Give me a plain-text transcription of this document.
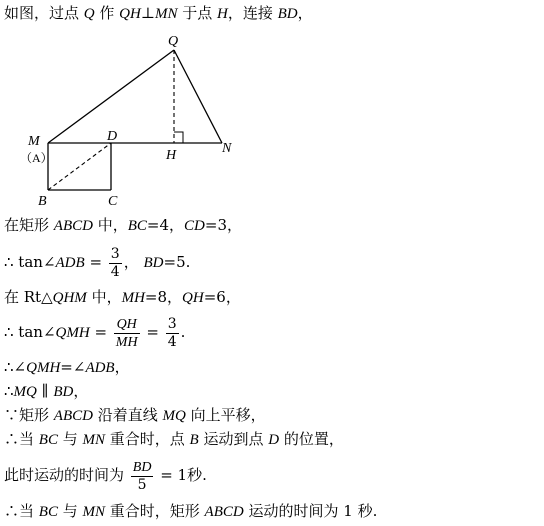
如图，过点 Q 作 QH⊥MN 于点 H，连接 BD，
Q
M
（A）
D
H	N
B	C
在矩形 ABCD 中，BC=4，CD=3，
∴ tan∠ADB = $\frac{3}{4}$ ， BD=5.
在 Rt△QHM 中，MH=8，QH=6，
∴ tan∠QMH = $\frac{QH}{MH} = \frac{3}{4}$ .
∴∠QMH=∠ADB，
∴MQ ∥ BD，
∵矩形 ABCD 沿着直线 MQ 向上平移，
∴当 BC 与 MN 重合时，点 B 运动到点 D 的位置，
此时运动的时间为 $\frac{BD}{5} = 1$秒.
∴当 BC 与 MN 重合时，矩形 ABCD 运动的时间为 1 秒.
